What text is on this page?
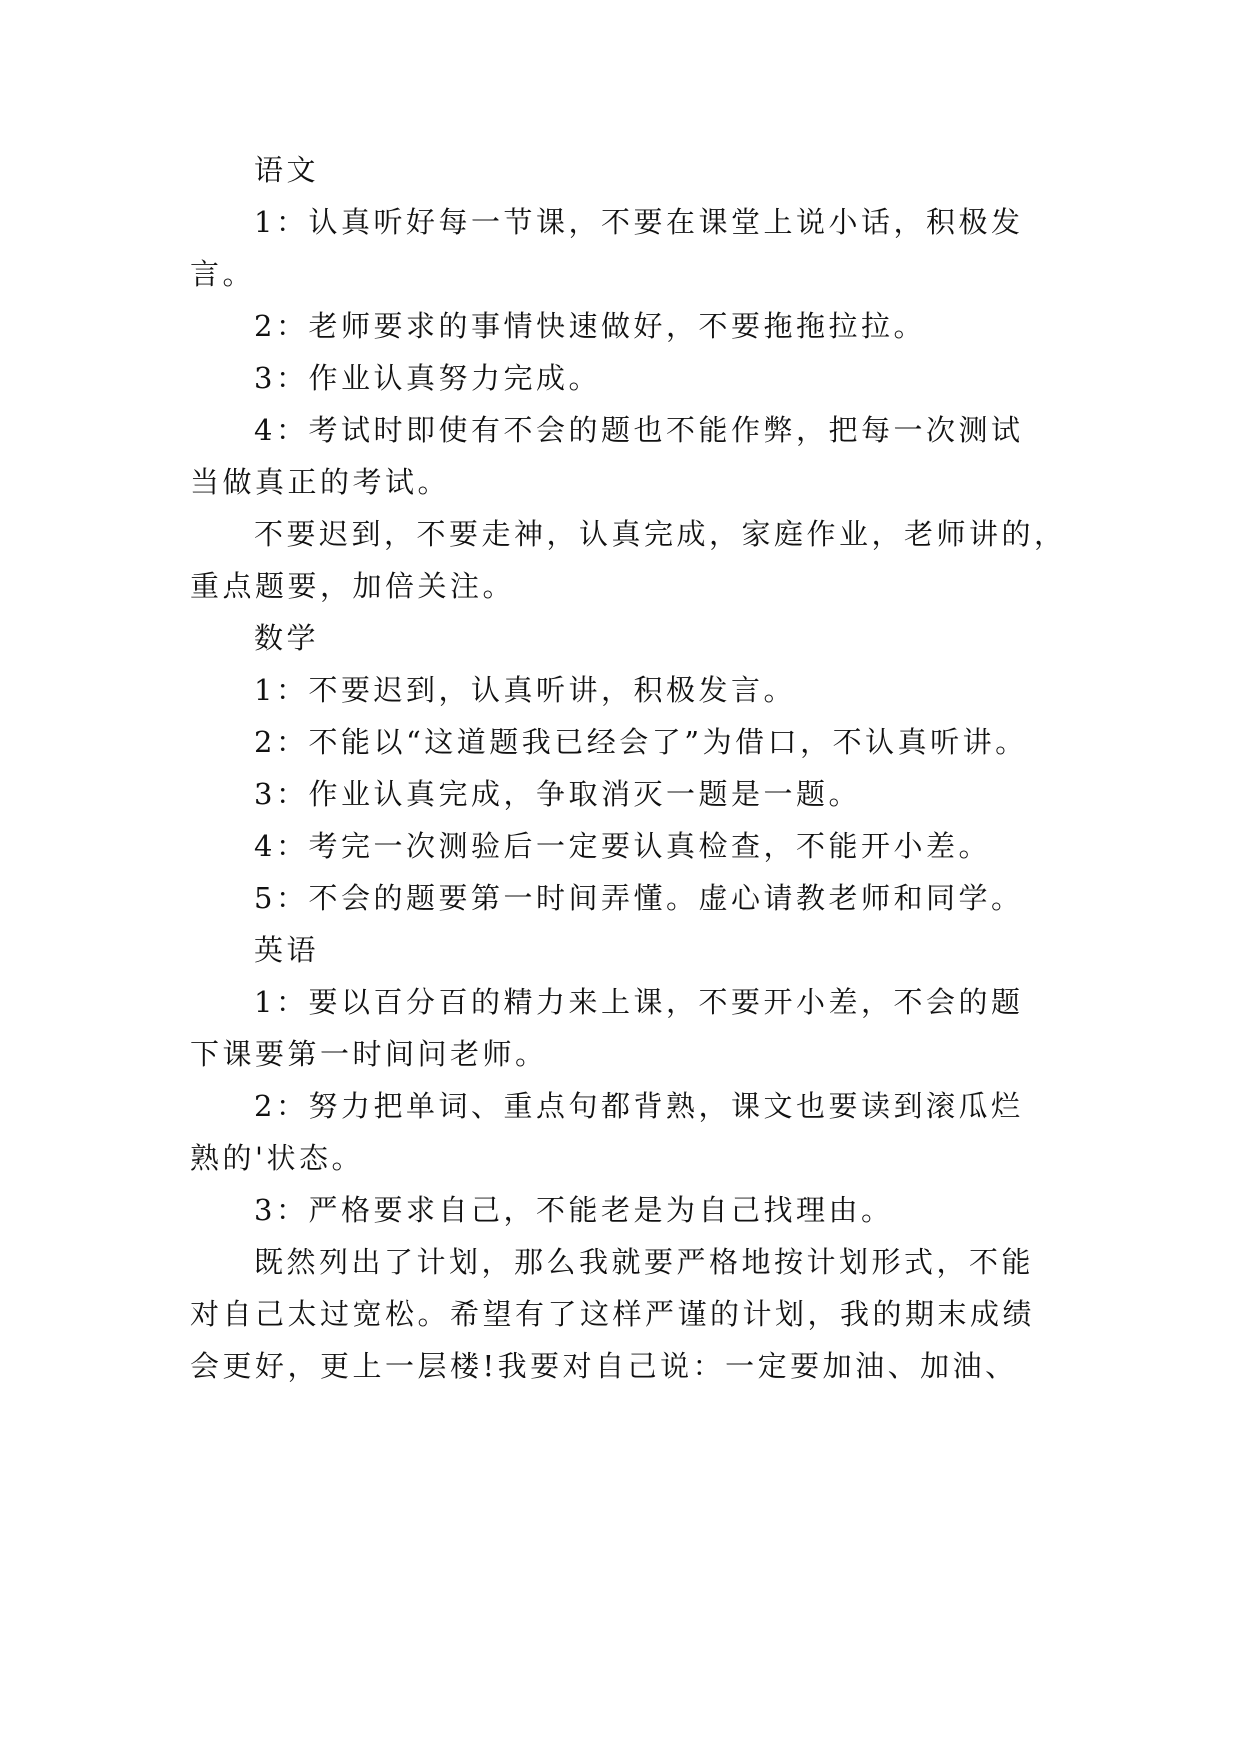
语文
1：认真听好每一节课，不要在课堂上说小话，积极发
言。
2：老师要求的事情快速做好，不要拖拖拉拉。
3：作业认真努力完成。
4：考试时即使有不会的题也不能作弊，把每一次测试
当做真正的考试。
不要迟到，不要走神，认真完成，家庭作业，老师讲的，
重点题要，加倍关注。
数学
1：不要迟到，认真听讲，积极发言。
2：不能以“这道题我已经会了”为借口，不认真听讲。
3：作业认真完成，争取消灭一题是一题。
4：考完一次测验后一定要认真检查，不能开小差。
5：不会的题要第一时间弄懂。虚心请教老师和同学。
英语
1：要以百分百的精力来上课，不要开小差，不会的题
下课要第一时间问老师。
2：努力把单词、重点句都背熟，课文也要读到滚瓜烂
熟的'状态。
3：严格要求自己，不能老是为自己找理由。
既然列出了计划，那么我就要严格地按计划形式，不能
对自己太过宽松。希望有了这样严谨的计划，我的期末成绩
会更好，更上一层楼!我要对自己说：一定要加油、加油、
